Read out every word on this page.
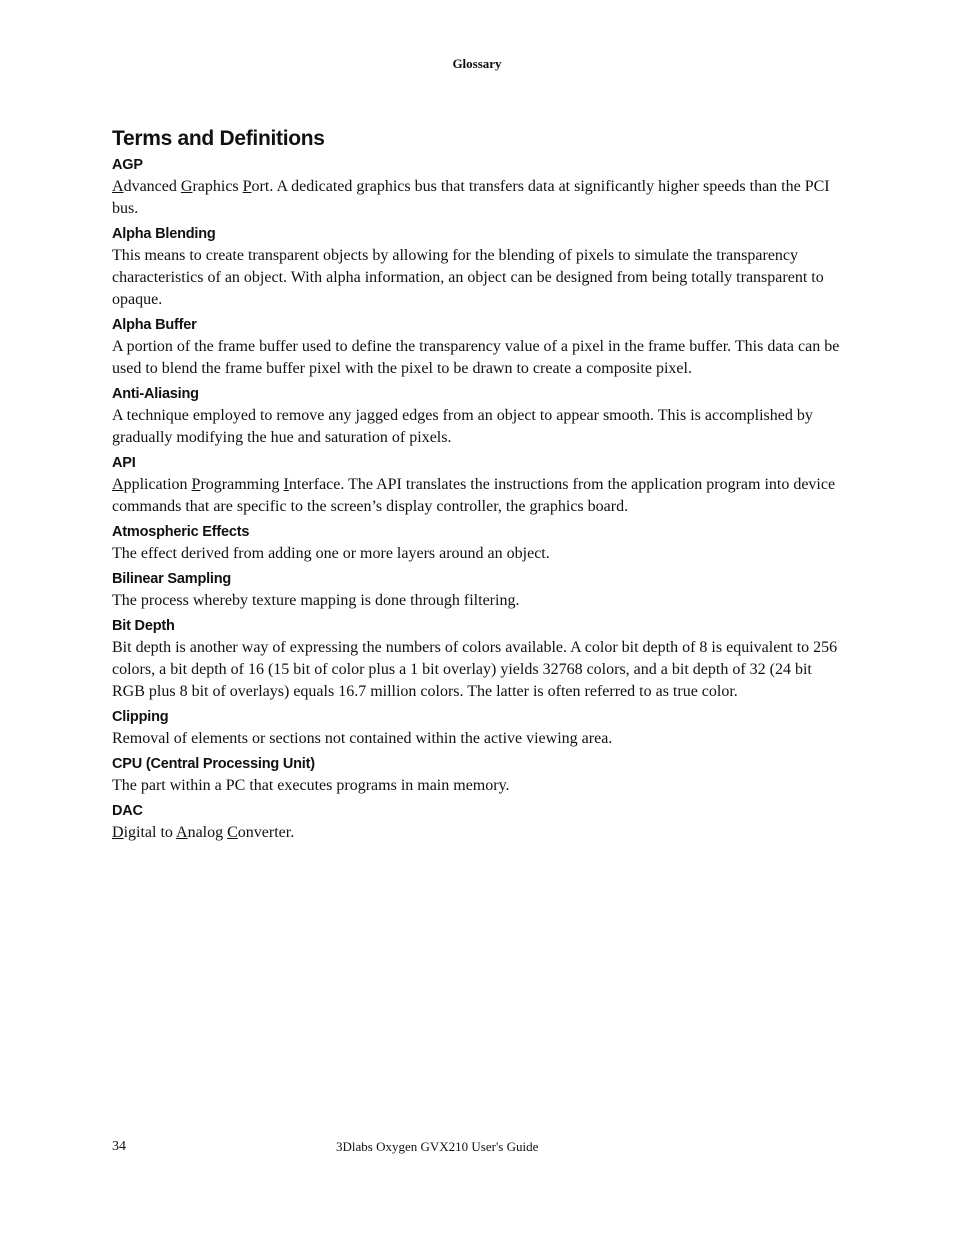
Glossary
Terms and Definitions
AGP

Advanced Graphics Port. A dedicated graphics bus that transfers data at significantly higher speeds than the PCI bus.

Alpha Blending

This means to create transparent objects by allowing for the blending of pixels to simulate the transparency characteristics of an object. With alpha information, an object can be designed from being totally transparent to opaque.

Alpha Buffer

A portion of the frame buffer used to define the transparency value of a pixel in the frame buffer. This data can be used to blend the frame buffer pixel with the pixel to be drawn to create a composite pixel.

Anti-Aliasing

A technique employed to remove any jagged edges from an object to appear smooth. This is accomplished by gradually modifying the hue and saturation of pixels.

API

Application Programming Interface. The API translates the instructions from the application program into device commands that are specific to the screen’s display controller, the graphics board.

Atmospheric Effects

The effect derived from adding one or more layers around an object.

Bilinear Sampling

The process whereby texture mapping is done through filtering.

Bit Depth

Bit depth is another way of expressing the numbers of colors available. A color bit depth of 8 is equivalent to 256 colors, a bit depth of 16 (15 bit of color plus a 1 bit overlay) yields 32768 colors, and a bit depth of 32 (24 bit RGB plus 8 bit of overlays) equals 16.7 million colors. The latter is often referred to as true color.

Clipping

Removal of elements or sections not contained within the active viewing area.

CPU (Central Processing Unit)

The part within a PC that executes programs in main memory.

DAC

Digital to Analog Converter.

34	3Dlabs Oxygen GVX210 User's Guide
